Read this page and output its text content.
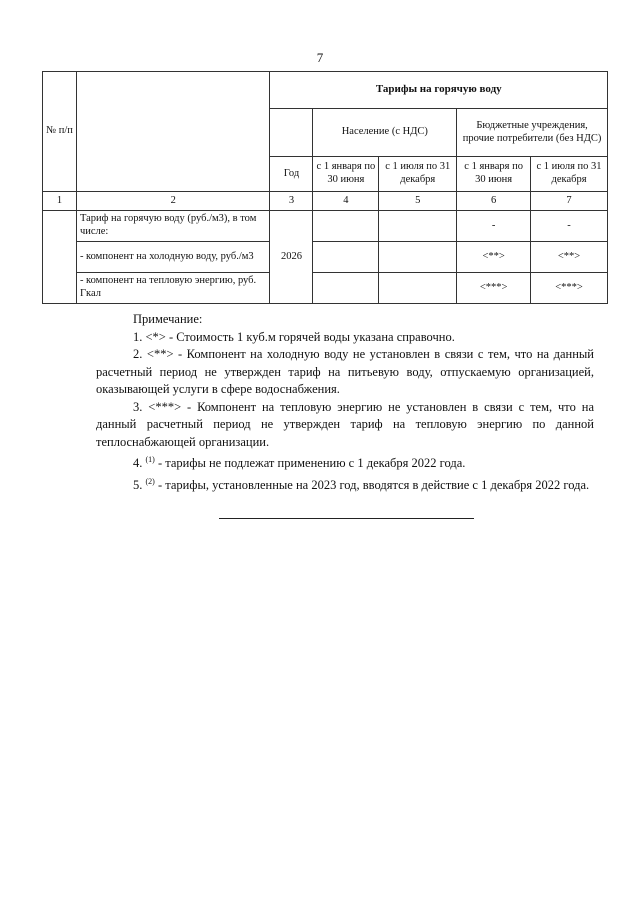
7
№ п/п		Тарифы на горячую воду				
			Население (с НДС)		Бюджетные учреждения, прочие потребители (без НДС)	
		Год	с 1 января по 30 июня	с 1 июля по 31 декабря	с 1 января по 30 июня	с 1 июля по 31 декабря
1	2	3	4	5	6	7
	Тариф на горячую воду (руб./м3), в том числе:	2026			-	-
	- компонент на холодную воду, руб./м3				<**>	<**>
	- компонент на тепловую энергию, руб. Гкал				<***>	<***>

Примечание:

1. <*> - Стоимость 1 куб.м горячей воды указана справочно.

2. <**> - Компонент на холодную воду не установлен в связи с тем, что на данный расчетный период не утвержден тариф на питьевую воду, отпускаемую организацией, оказывающей услуги в сфере водоснабжения.

3. <***> - Компонент на тепловую энергию не установлен в связи с тем, что на данный расчетный период не утвержден тариф на тепловую энергию по данной теплоснабжающей организации.

4. $^{(1)}$ - тарифы не подлежат применению с 1 декабря 2022 года.

5. $^{(2)}$ - тарифы, установленные на 2023 год, вводятся в действие с 1 декабря 2022 года.
